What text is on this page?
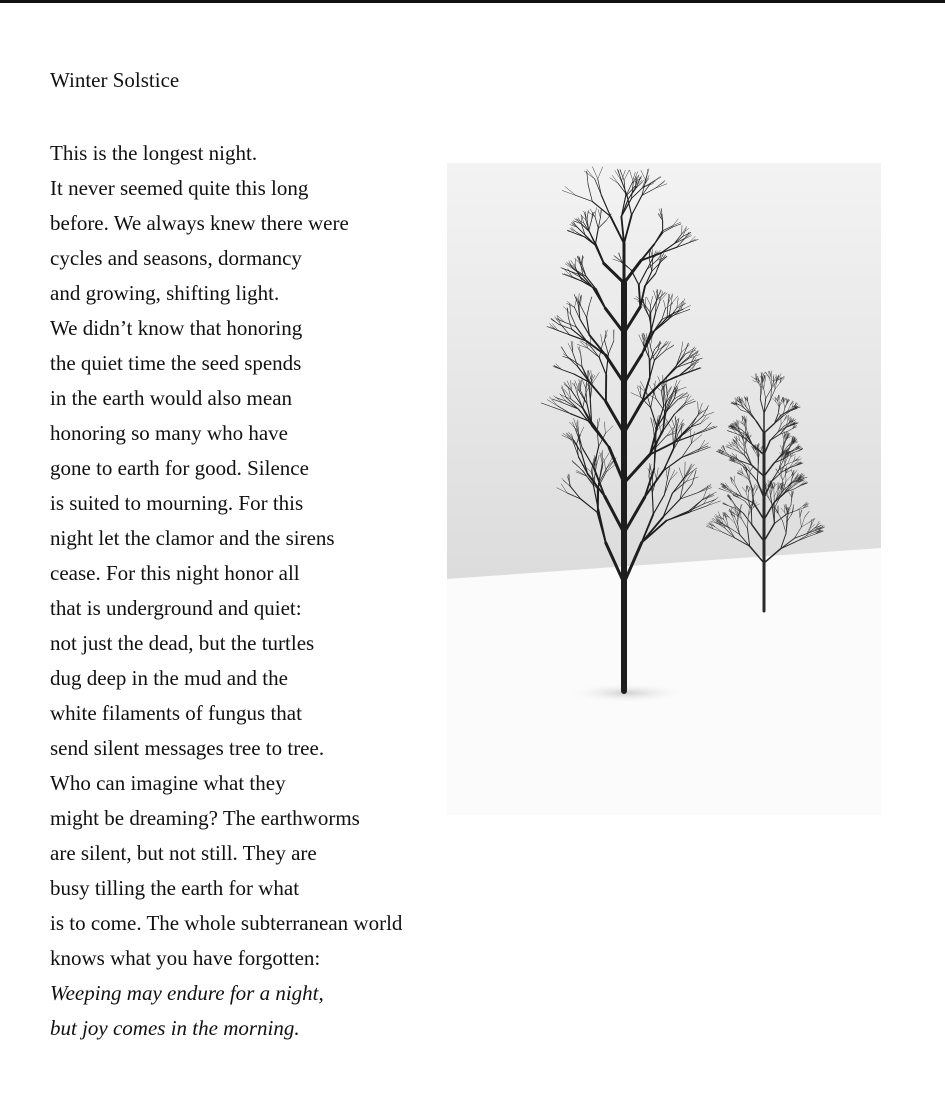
Winter Solstice
This is the longest night.
It never seemed quite this long
before. We always knew there were
cycles and seasons, dormancy
and growing, shifting light.
We didn’t know that honoring
the quiet time the seed spends
in the earth would also mean
honoring so many who have
gone to earth for good. Silence
is suited to mourning. For this
night let the clamor and the sirens
cease. For this night honor all
that is underground and quiet:
not just the dead, but the turtles
dug deep in the mud and the
white filaments of fungus that
send silent messages tree to tree.
Who can imagine what they
might be dreaming? The earthworms
are silent, but not still. They are
busy tilling the earth for what
is to come. The whole subterranean world
knows what you have forgotten:
Weeping may endure for a night,
but joy comes in the morning.
